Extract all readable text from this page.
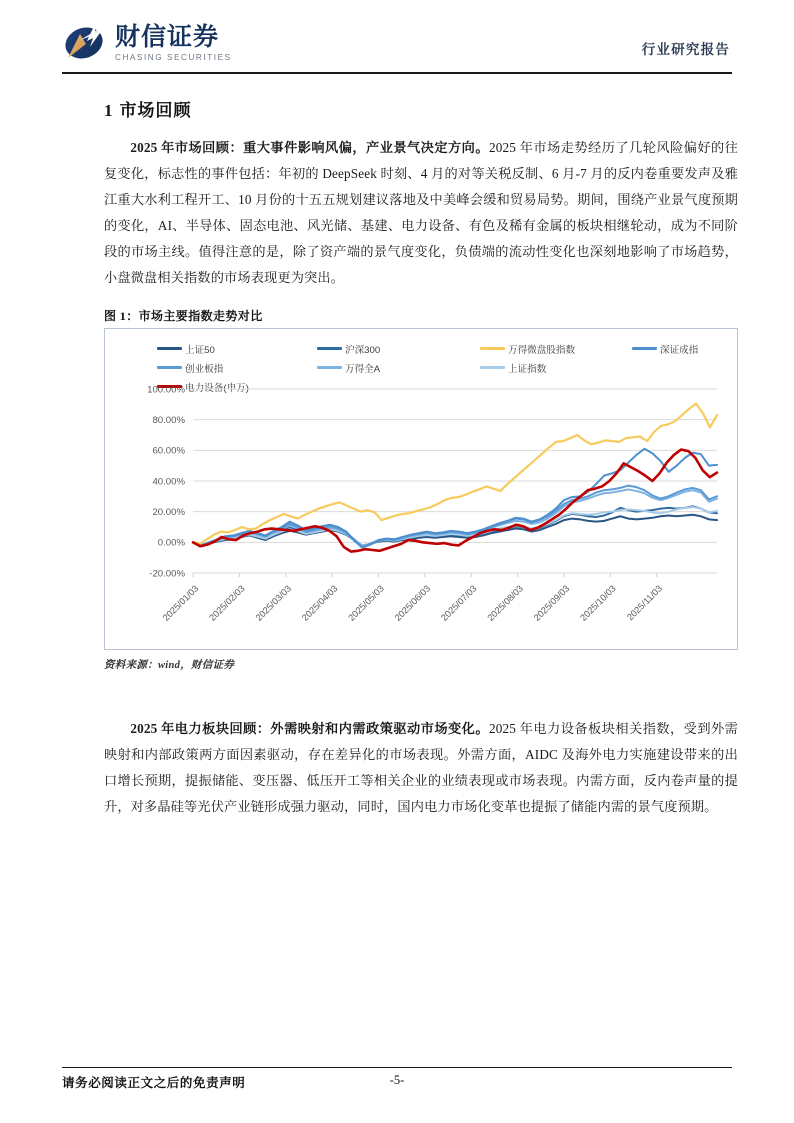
财信证券
CHASING SECURITIES
行业研究报告
1 市场回顾

2025 年市场回顾：重大事件影响风偏，产业景气决定方向。2025 年市场走势经历了几轮风险偏好的往复变化，标志性的事件包括：年初的 DeepSeek 时刻、4 月的对等关税反制、6 月-7 月的反内卷重要发声及雅江重大水利工程开工、10 月份的十五五规划建议落地及中美峰会缓和贸易局势。期间，围绕产业景气度预期的变化，AI、半导体、固态电池、风光储、基建、电力设备、有色及稀有金属的板块相继轮动，成为不同阶段的市场主线。值得注意的是，除了资产端的景气度变化，负债端的流动性变化也深刻地影响了市场趋势，小盘微盘相关指数的市场表现更为突出。

图 1：市场主要指数走势对比
上证50	沪深300	万得微盘股指数	深证成指
创业板指	万得全A	上证指数
电力设备(申万)
-20.00%
0.00%
20.00%
40.00%
60.00%
80.00%
100.00%
2025/01/03 2025/02/03 2025/03/03 2025/04/03 2025/05/03 2025/06/03 2025/07/03 2025/08/03 2025/09/03 2025/10/03 2025/11/03
资料来源：wind，财信证券

2025 年电力板块回顾：外需映射和内需政策驱动市场变化。2025 年电力设备板块相关指数，受到外需映射和内部政策两方面因素驱动，存在差异化的市场表现。外需方面，AIDC 及海外电力实施建设带来的出口增长预期，提振储能、变压器、低压开工等相关企业的业绩表现或市场表现。内需方面，反内卷声量的提升，对多晶硅等光伏产业链形成强力驱动，同时，国内电力市场化变革也提振了储能内需的景气度预期。

请务必阅读正文之后的免责声明	-5-
